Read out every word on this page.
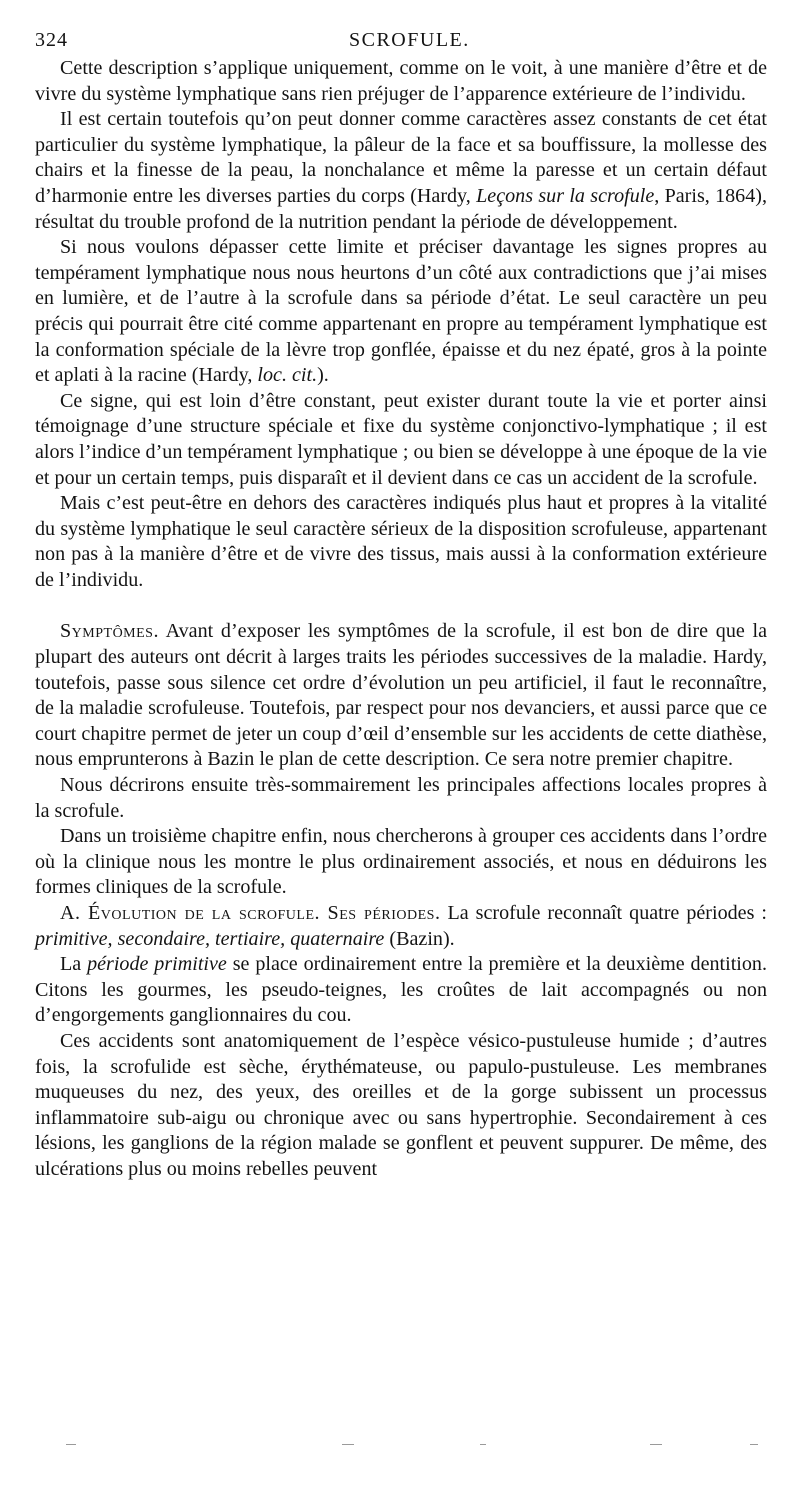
324	SCROFULE.

Cette description s’applique uniquement, comme on le voit, à une manière d’être et de vivre du système lymphatique sans rien préjuger de l’apparence extérieure de l’individu.

Il est certain toutefois qu’on peut donner comme caractères assez constants de cet état particulier du système lymphatique, la pâleur de la face et sa bouffissure, la mollesse des chairs et la finesse de la peau, la nonchalance et même la paresse et un certain défaut d’harmonie entre les diverses parties du corps (Hardy, Leçons sur la scrofule, Paris, 1864), résultat du trouble profond de la nutrition pendant la période de développement.

Si nous voulons dépasser cette limite et préciser davantage les signes propres au tempérament lymphatique nous nous heurtons d’un côté aux contradictions que j’ai mises en lumière, et de l’autre à la scrofule dans sa période d’état. Le seul caractère un peu précis qui pourrait être cité comme appartenant en propre au tempérament lymphatique est la conformation spéciale de la lèvre trop gonflée, épaisse et du nez épaté, gros à la pointe et aplati à la racine (Hardy, loc. cit.).

Ce signe, qui est loin d’être constant, peut exister durant toute la vie et porter ainsi témoignage d’une structure spéciale et fixe du système conjonctivo-lymphatique ; il est alors l’indice d’un tempérament lymphatique ; ou bien se développe à une époque de la vie et pour un certain temps, puis disparaît et il devient dans ce cas un accident de la scrofule.

Mais c’est peut-être en dehors des caractères indiqués plus haut et propres à la vitalité du système lymphatique le seul caractère sérieux de la disposition scrofuleuse, appartenant non pas à la manière d’être et de vivre des tissus, mais aussi à la conformation extérieure de l’individu.

Symptômes. Avant d’exposer les symptômes de la scrofule, il est bon de dire que la plupart des auteurs ont décrit à larges traits les périodes successives de la maladie. Hardy, toutefois, passe sous silence cet ordre d’évolution un peu artificiel, il faut le reconnaître, de la maladie scrofuleuse. Toutefois, par respect pour nos devanciers, et aussi parce que ce court chapitre permet de jeter un coup d’œil d’ensemble sur les accidents de cette diathèse, nous emprunterons à Bazin le plan de cette description. Ce sera notre premier chapitre.

Nous décrirons ensuite très-sommairement les principales affections locales propres à la scrofule.

Dans un troisième chapitre enfin, nous chercherons à grouper ces accidents dans l’ordre où la clinique nous les montre le plus ordinairement associés, et nous en déduirons les formes cliniques de la scrofule.

A. Évolution de la scrofule. Ses périodes. La scrofule reconnaît quatre périodes : primitive, secondaire, tertiaire, quaternaire (Bazin).

La période primitive se place ordinairement entre la première et la deuxième dentition. Citons les gourmes, les pseudo-teignes, les croûtes de lait accompagnés ou non d’engorgements ganglionnaires du cou.

Ces accidents sont anatomiquement de l’espèce vésico-pustuleuse humide ; d’autres fois, la scrofulide est sèche, érythémateuse, ou papulo-pustuleuse. Les membranes muqueuses du nez, des yeux, des oreilles et de la gorge subissent un processus inflammatoire sub-aigu ou chronique avec ou sans hypertrophie. Secondairement à ces lésions, les ganglions de la région malade se gonflent et peuvent suppurer. De même, des ulcérations plus ou moins rebelles peuvent
